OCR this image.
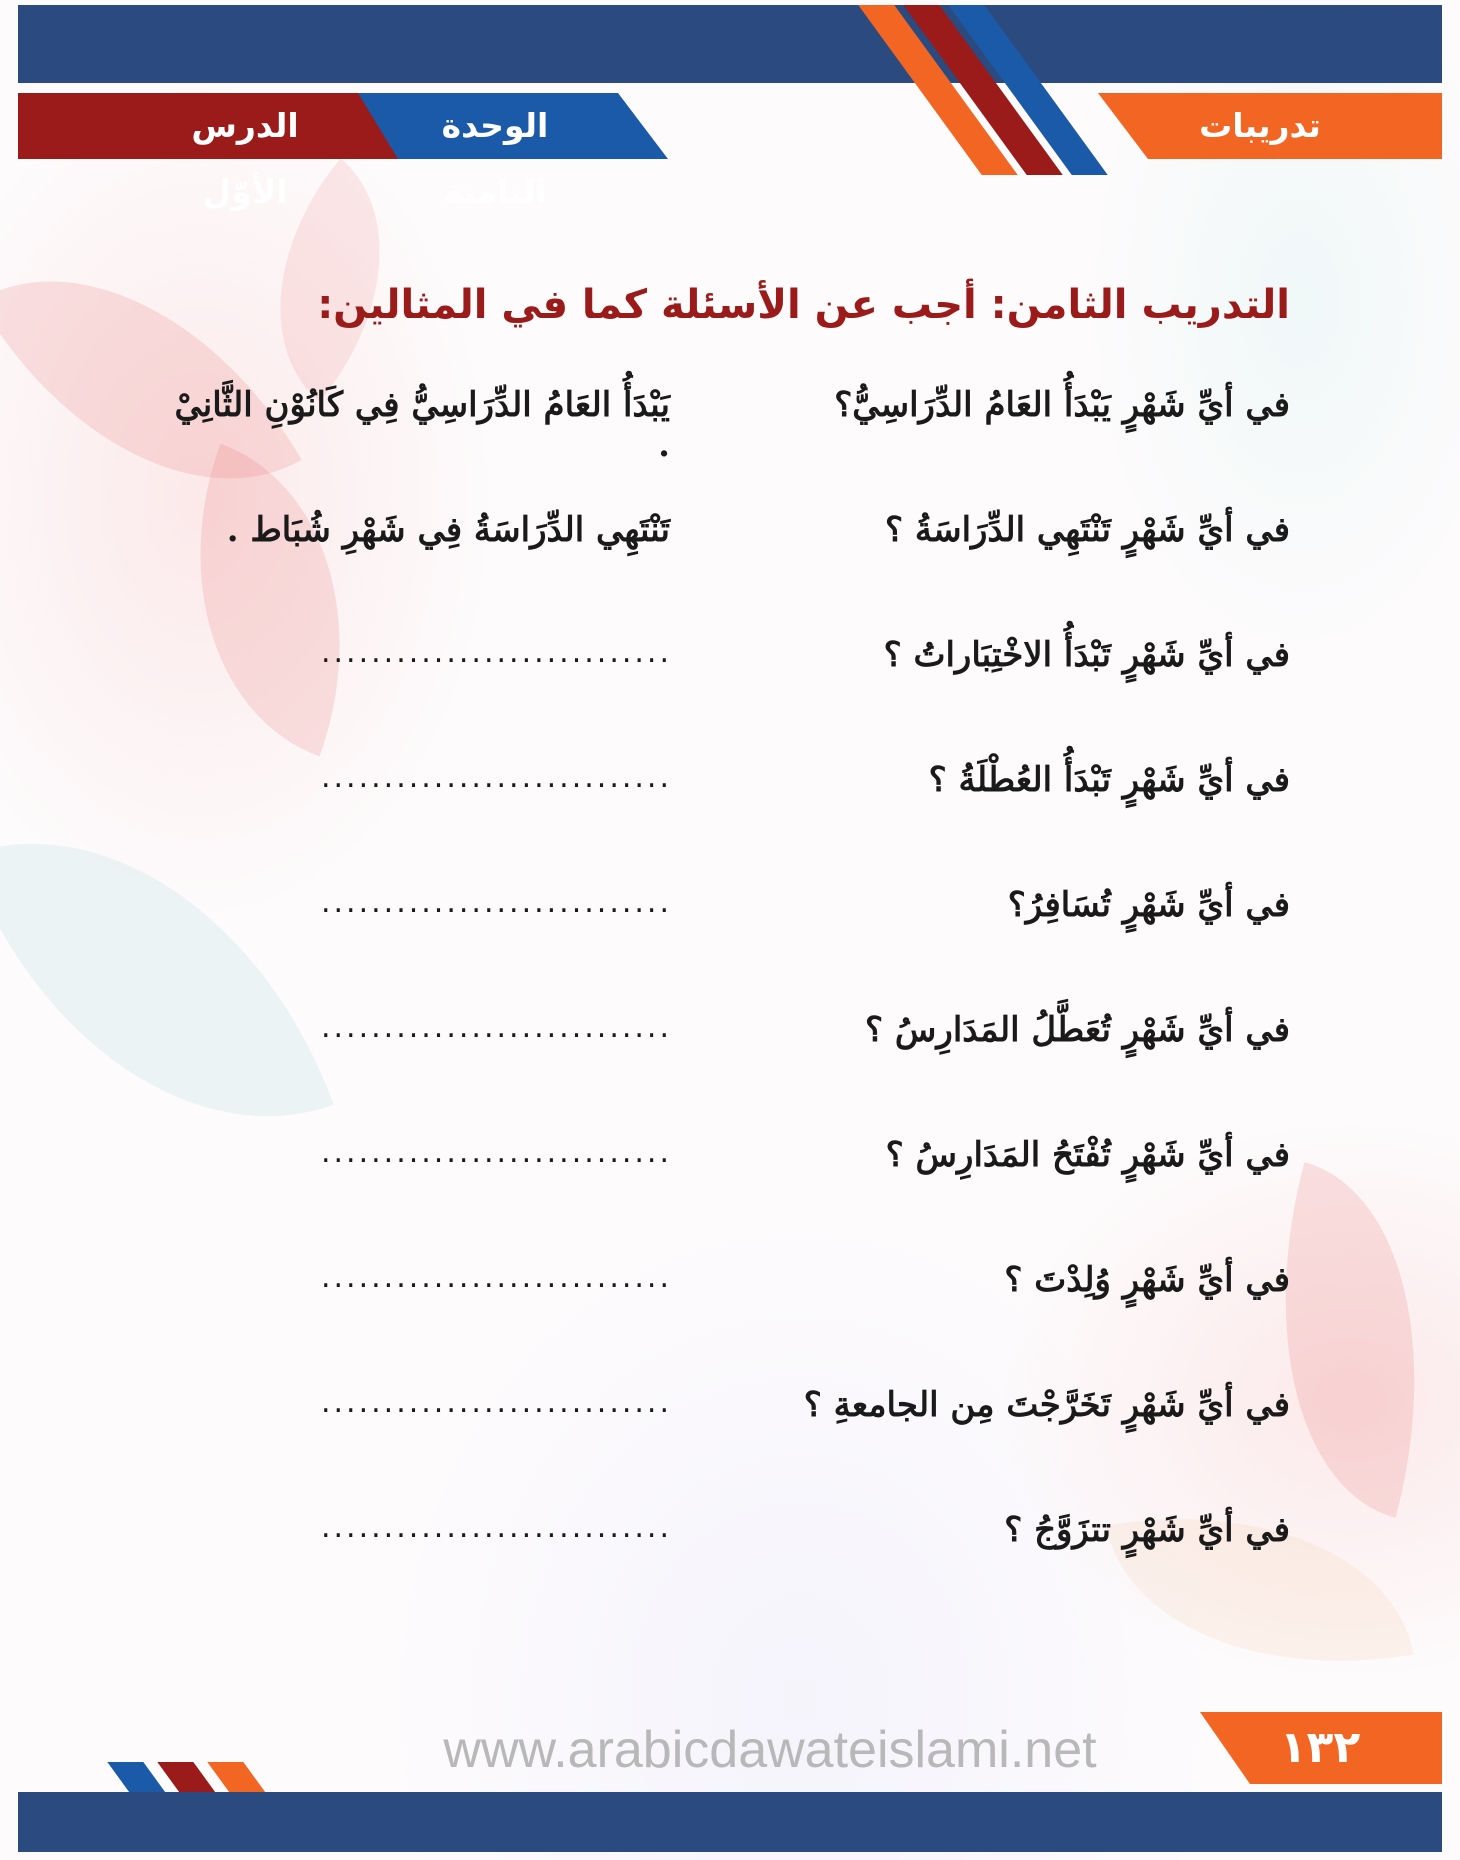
الدرس الأوّل
الوحدة الثامنة
تدريبات
التدريب الثامن: أجب عن الأسئلة كما في المثالين:
في أيِّ شَهْرٍ يَبْدَأُ العَامُ الدِّرَاسِيُّ؟
يَبْدَأُ العَامُ الدِّرَاسِيُّ فِي كَانُوْنِ الثَّانِيْ .
في أيِّ شَهْرٍ تَنْتَهِي الدِّرَاسَةُ ؟
تَنْتَهِي الدِّرَاسَةُ فِي شَهْرِ شُبَاط .
في أيِّ شَهْرٍ تَبْدَأُ الاخْتِبَاراتُ ؟
............................
في أيِّ شَهْرٍ تَبْدَأُ العُطْلَةُ ؟
............................
في أيِّ شَهْرٍ تُسَافِرُ؟
............................
في أيِّ شَهْرٍ تُعَطَّلُ المَدَارِسُ ؟
............................
في أيِّ شَهْرٍ تُفْتَحُ المَدَارِسُ ؟
............................
في أيِّ شَهْرٍ وُلِدْتَ ؟
............................
في أيِّ شَهْرٍ تَخَرَّجْتَ مِن الجامعةِ ؟
............................
في أيِّ شَهْرٍ تتزَوَّجُ ؟
............................
١٣٢
www.arabicdawateislami.net
